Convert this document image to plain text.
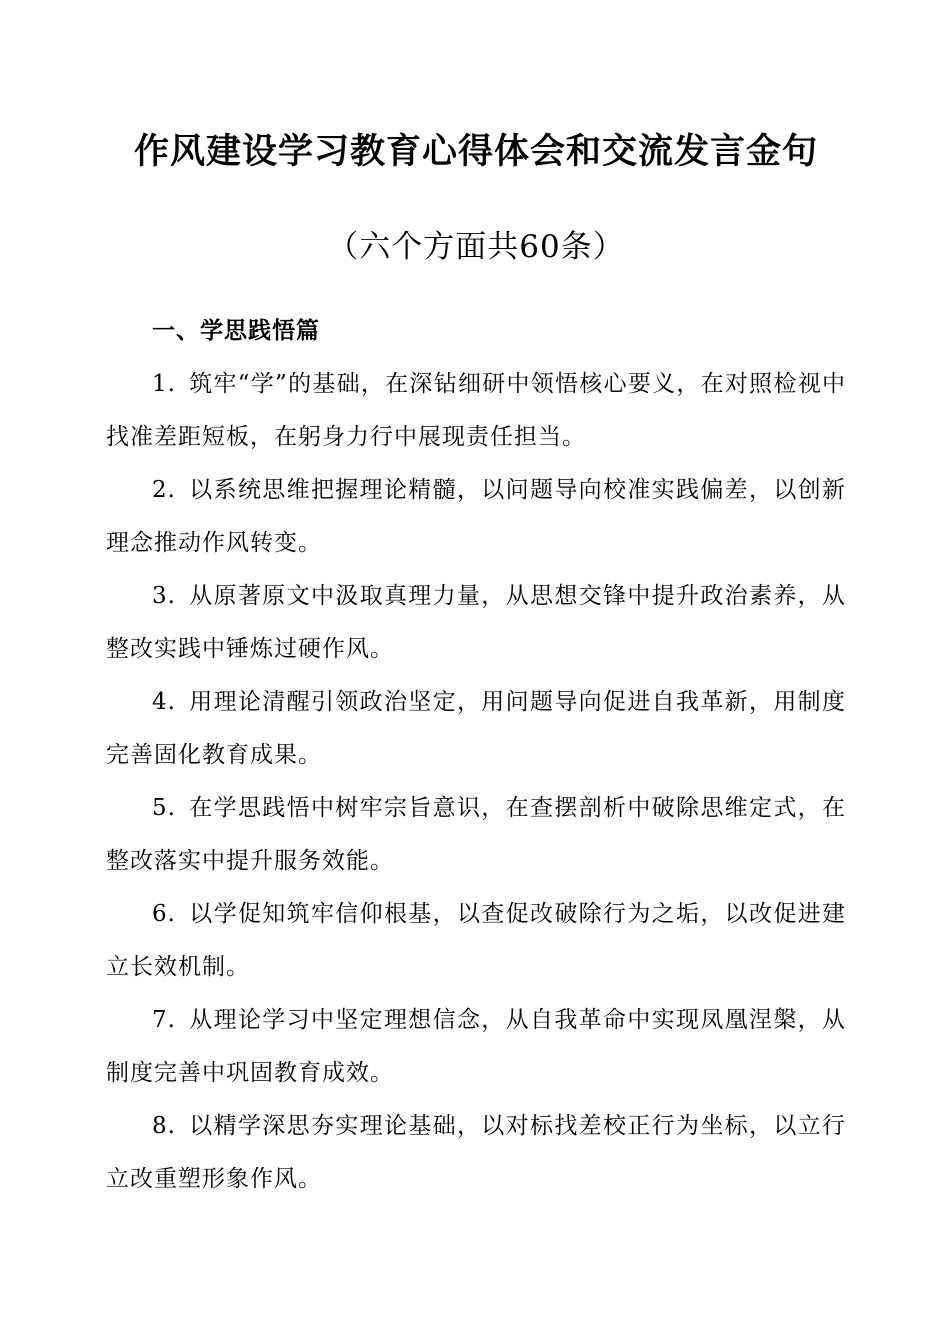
作风建设学习教育心得体会和交流发言金句
（六个方面共60条）
一、学思践悟篇

1. 筑牢“学”的基础，在深钻细研中领悟核心要义，在对照检视中找准差距短板，在躬身力行中展现责任担当。

2. 以系统思维把握理论精髓，以问题导向校准实践偏差，以创新理念推动作风转变。

3. 从原著原文中汲取真理力量，从思想交锋中提升政治素养，从整改实践中锤炼过硬作风。

4. 用理论清醒引领政治坚定，用问题导向促进自我革新，用制度完善固化教育成果。

5. 在学思践悟中树牢宗旨意识，在查摆剖析中破除思维定式，在整改落实中提升服务效能。

6. 以学促知筑牢信仰根基，以查促改破除行为之垢，以改促进建立长效机制。

7. 从理论学习中坚定理想信念，从自我革命中实现凤凰涅槃，从制度完善中巩固教育成效。

8. 以精学深思夯实理论基础，以对标找差校正行为坐标，以立行立改重塑形象作风。
